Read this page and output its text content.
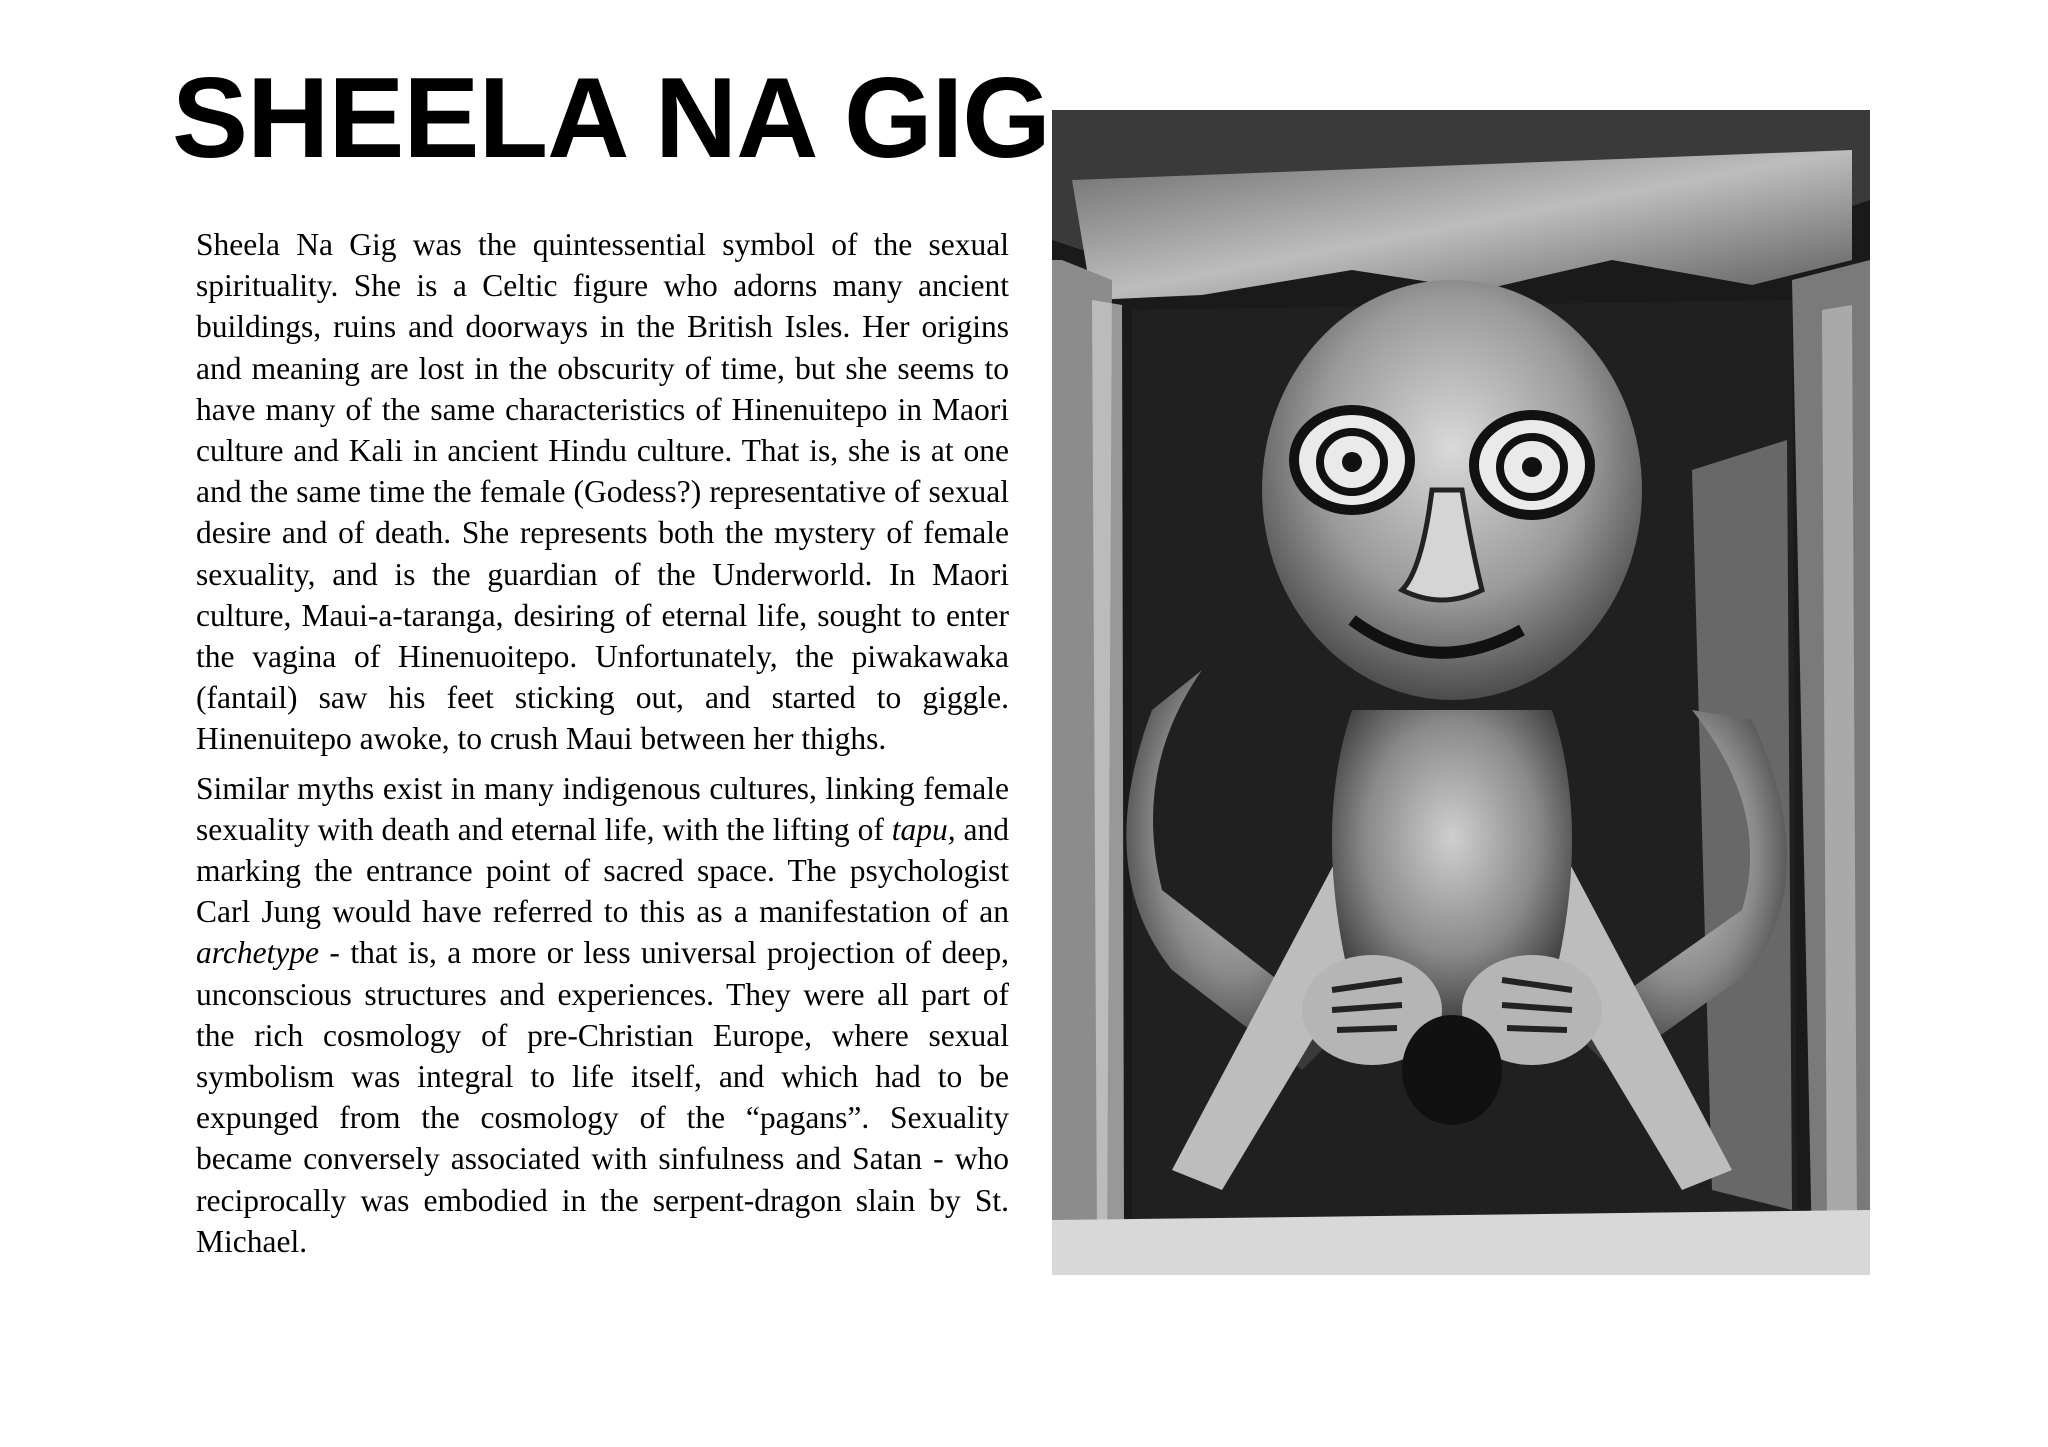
SHEELA NA GIG

Sheela Na Gig was the quintessential symbol of the sexual spirituality. She is a Celtic figure who adorns many ancient buildings, ruins and doorways in the British Isles. Her origins and meaning are lost in the obscurity of time, but she seems to have many of the same characteristics of Hinenuitepo in Maori culture and Kali in ancient Hindu culture. That is, she is at one and the same time the female (Godess?) representative of sexual desire and of death. She represents both the mystery of female sexuality, and is the guardian of the Underworld. In Maori culture, Maui-a-taranga, desiring of eternal life, sought to enter the vagina of Hinenuoitepo. Unfortunately, the piwakawaka (fantail) saw his feet sticking out, and started to giggle. Hinenuitepo awoke, to crush Maui between her thighs.

Similar myths exist in many indigenous cultures, linking female sexuality with death and eternal life, with the lifting of tapu, and marking the entrance point of sacred space. The psychologist Carl Jung would have referred to this as a manifestation of an archetype - that is, a more or less universal projection of deep, unconscious structures and experiences. They were all part of the rich cosmology of pre-Christian Europe, where sexual symbolism was integral to life itself, and which had to be expunged from the cosmology of the “pagans”. Sexuality became conversely associated with sinfulness and Satan - who reciprocally was embodied in the serpent-dragon slain by St. Michael.
